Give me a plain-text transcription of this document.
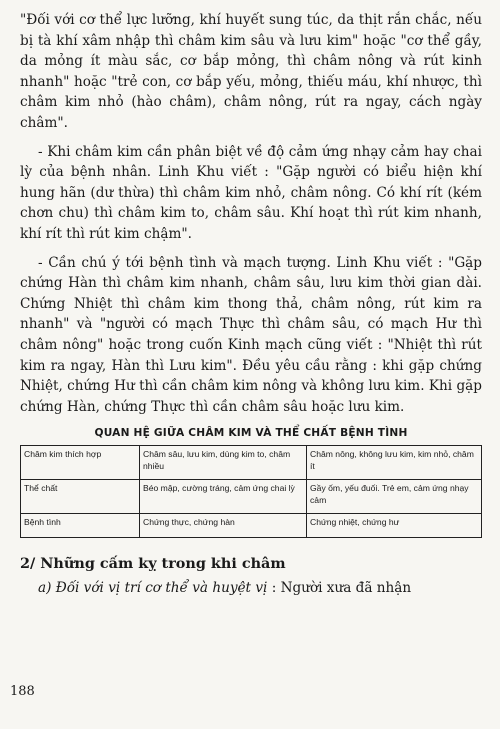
"Đối với cơ thể lực lưỡng, khí huyết sung túc, da thịt rắn chắc, nếu bị tà khí xâm nhập thì châm kim sâu và lưu kim" hoặc "cơ thể gầy, da mỏng ít màu sắc, cơ bắp mỏng, thì châm nông và rút kinh nhanh" hoặc "trẻ con, cơ bắp yếu, mỏng, thiếu máu, khí nhược, thì châm kim nhỏ (hào châm), châm nông, rút ra ngay, cách ngày châm".

- Khi châm kim cần phân biệt về độ cảm ứng nhạy cảm hay chai lỳ của bệnh nhân. Linh Khu viết : "Gặp người có biểu hiện khí hung hãn (dư thừa) thì châm kim nhỏ, châm nông. Có khí rít (kém chơn chu) thì châm kim to, châm sâu. Khí hoạt thì rút kim nhanh, khí rít thì rút kim chậm".

- Cần chú ý tới bệnh tình và mạch tượng. Linh Khu viết : "Gặp chứng Hàn thì châm kim nhanh, châm sâu, lưu kim thời gian dài. Chứng Nhiệt thì châm kim thong thả, châm nông, rút kim ra nhanh" và "người có mạch Thực thì châm sâu, có mạch Hư thì châm nông" hoặc trong cuốn Kinh mạch cũng viết : "Nhiệt thì rút kim ra ngay, Hàn thì Lưu kim". Đều yêu cầu rằng : khi gặp chứng Nhiệt, chứng Hư thì cần châm kim nông và không lưu kim. Khi gặp chứng Hàn, chứng Thực thì cần châm sâu hoặc lưu kim.

QUAN HỆ GIỮA CHÂM KIM VÀ THỂ CHẤT BỆNH TÌNH
Châm kim thích hợp	Châm sâu, lưu kim, dùng kim to, châm nhiều	Châm nông, không lưu kim, kim nhỏ, châm ít
Thể chất	Béo mập, cường tráng, cảm ứng chai lỳ	Gầy ốm, yếu đuối. Trẻ em, cảm ứng nhạy cảm
Bệnh tình	Chứng thực, chứng hàn	Chứng nhiệt, chứng hư
2/ Những cấm kỵ trong khi châm

a) Đối với vị trí cơ thể và huyệt vị : Người xưa đã nhận

188
